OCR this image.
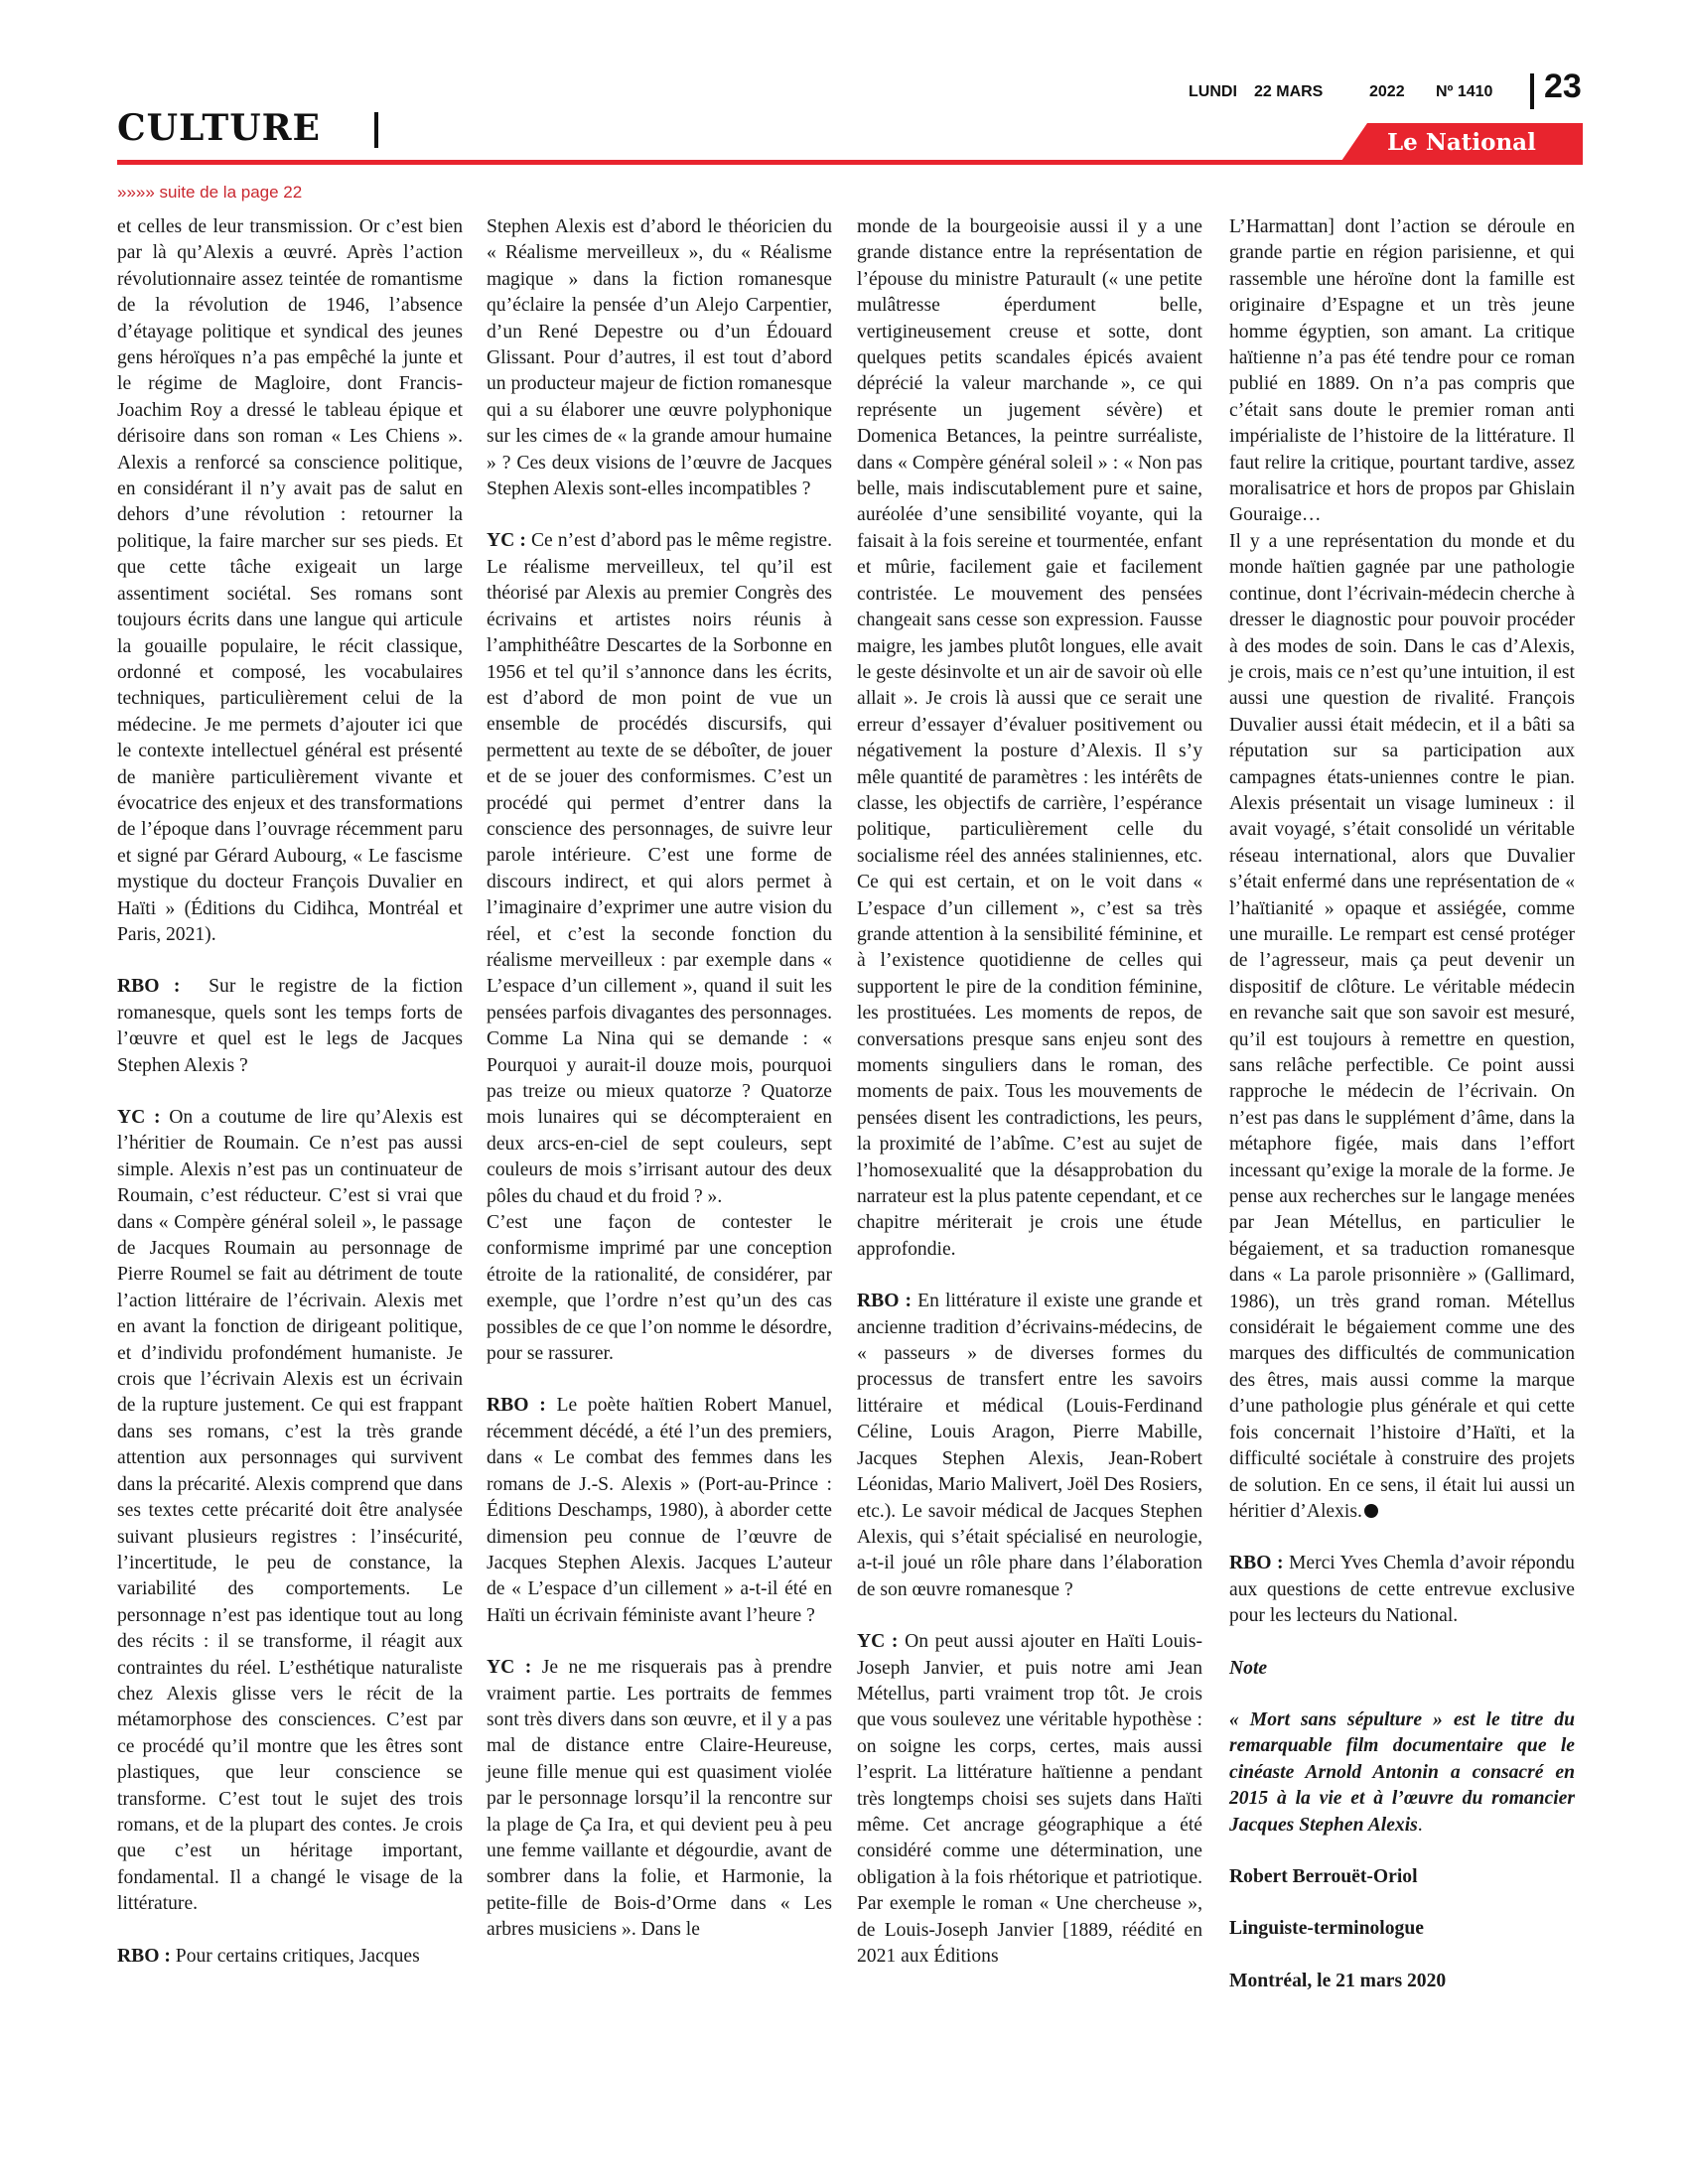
CULTURE
LUNDI 22 MARS	2022 Nº 1410 23
Le National
»»»» suite de la page 22

et celles de leur transmission. Or c’est bien par là qu’Alexis a œuvré. Après l’action révolutionnaire assez teintée de romantisme de la révolution de 1946, l’absence d’étayage politique et syndical des jeunes gens héroïques n’a pas empêché la junte et le régime de Magloire, dont Francis-Joachim Roy a dressé le tableau épique et dérisoire dans son roman « Les Chiens ». Alexis a renforcé sa conscience politique, en considérant il n’y avait pas de salut en dehors d’une révolution : retourner la politique, la faire marcher sur ses pieds. Et que cette tâche exigeait un large assentiment sociétal. Ses romans sont toujours écrits dans une langue qui articule la gouaille populaire, le récit classique, ordonné et composé, les vocabulaires techniques, particulièrement celui de la médecine. Je me permets d’ajouter ici que le contexte intellectuel général est présenté de manière particulièrement vivante et évocatrice des enjeux et des transformations de l’époque dans l’ouvrage récemment paru et signé par Gérard Aubourg, « Le fascisme mystique du docteur François Duvalier en Haïti » (Éditions du Cidihca, Montréal et Paris, 2021).

RBO : Sur le registre de la fiction romanesque, quels sont les temps forts de l’œuvre et quel est le legs de Jacques Stephen Alexis ?

YC : On a coutume de lire qu’Alexis est l’héritier de Roumain. Ce n’est pas aussi simple. Alexis n’est pas un continuateur de Roumain, c’est réducteur. C’est si vrai que dans « Compère général soleil », le passage de Jacques Roumain au personnage de Pierre Roumel se fait au détriment de toute l’action littéraire de l’écrivain. Alexis met en avant la fonction de dirigeant politique, et d’individu profondément humaniste. Je crois que l’écrivain Alexis est un écrivain de la rupture justement. Ce qui est frappant dans ses romans, c’est la très grande attention aux personnages qui survivent dans la précarité. Alexis comprend que dans ses textes cette précarité doit être analysée suivant plusieurs registres : l’insécurité, l’incertitude, le peu de constance, la variabilité des comportements. Le personnage n’est pas identique tout au long des récits : il se transforme, il réagit aux contraintes du réel. L’esthétique naturaliste chez Alexis glisse vers le récit de la métamorphose des consciences. C’est par ce procédé qu’il montre que les êtres sont plastiques, que leur conscience se transforme. C’est tout le sujet des trois romans, et de la plupart des contes. Je crois que c’est un héritage important, fondamental. Il a changé le visage de la littérature.

RBO : Pour certains critiques, Jacques

Stephen Alexis est d’abord le théoricien du « Réalisme merveilleux », du « Réalisme magique » dans la fiction romanesque qu’éclaire la pensée d’un Alejo Carpentier, d’un René Depestre ou d’un Édouard Glissant. Pour d’autres, il est tout d’abord un producteur majeur de fiction romanesque qui a su élaborer une œuvre polyphonique sur les cimes de « la grande amour humaine » ? Ces deux visions de l’œuvre de Jacques Stephen Alexis sont-elles incompatibles ?

YC : Ce n’est d’abord pas le même registre. Le réalisme merveilleux, tel qu’il est théorisé par Alexis au premier Congrès des écrivains et artistes noirs réunis à l’amphithéâtre Descartes de la Sorbonne en 1956 et tel qu’il s’annonce dans les écrits, est d’abord de mon point de vue un ensemble de procédés discursifs, qui permettent au texte de se déboîter, de jouer et de se jouer des conformismes. C’est un procédé qui permet d’entrer dans la conscience des personnages, de suivre leur parole intérieure. C’est une forme de discours indirect, et qui alors permet à l’imaginaire d’exprimer une autre vision du réel, et c’est la seconde fonction du réalisme merveilleux : par exemple dans « L’espace d’un cillement », quand il suit les pensées parfois divagantes des personnages. Comme La Nina qui se demande : « Pourquoi y aurait-il douze mois, pourquoi pas treize ou mieux quatorze ? Quatorze mois lunaires qui se décompteraient en deux arcs-en-ciel de sept couleurs, sept couleurs de mois s’irrisant autour des deux pôles du chaud et du froid ? ».

C’est une façon de contester le conformisme imprimé par une conception étroite de la rationalité, de considérer, par exemple, que l’ordre n’est qu’un des cas possibles de ce que l’on nomme le désordre, pour se rassurer.

RBO : Le poète haïtien Robert Manuel, récemment décédé, a été l’un des premiers, dans « Le combat des femmes dans les romans de J.-S. Alexis » (Port-au-Prince : Éditions Deschamps, 1980), à aborder cette dimension peu connue de l’œuvre de Jacques Stephen Alexis. Jacques L’auteur de « L’espace d’un cillement » a-t-il été en Haïti un écrivain féministe avant l’heure ?

YC : Je ne me risquerais pas à prendre vraiment partie. Les portraits de femmes sont très divers dans son œuvre, et il y a pas mal de distance entre Claire-Heureuse, jeune fille menue qui est quasiment violée par le personnage lorsqu’il la rencontre sur la plage de Ça Ira, et qui devient peu à peu une femme vaillante et dégourdie, avant de sombrer dans la folie, et Harmonie, la petite-fille de Bois-d’Orme dans « Les arbres musiciens ». Dans le

monde de la bourgeoisie aussi il y a une grande distance entre la représentation de l’épouse du ministre Paturault (« une petite mulâtresse éperdument belle, vertigineusement creuse et sotte, dont quelques petits scandales épicés avaient déprécié la valeur marchande », ce qui représente un jugement sévère) et Domenica Betances, la peintre surréaliste, dans « Compère général soleil » : « Non pas belle, mais indiscutablement pure et saine, auréolée d’une sensibilité voyante, qui la faisait à la fois sereine et tourmentée, enfant et mûrie, facilement gaie et facilement contristée. Le mouvement des pensées changeait sans cesse son expression. Fausse maigre, les jambes plutôt longues, elle avait le geste désinvolte et un air de savoir où elle allait ». Je crois là aussi que ce serait une erreur d’essayer d’évaluer positivement ou négativement la posture d’Alexis. Il s’y mêle quantité de paramètres : les intérêts de classe, les objectifs de carrière, l’espérance politique, particulièrement celle du socialisme réel des années staliniennes, etc. Ce qui est certain, et on le voit dans « L’espace d’un cillement », c’est sa très grande attention à la sensibilité féminine, et à l’existence quotidienne de celles qui supportent le pire de la condition féminine, les prostituées. Les moments de repos, de conversations presque sans enjeu sont des moments singuliers dans le roman, des moments de paix. Tous les mouvements de pensées disent les contradictions, les peurs, la proximité de l’abîme. C’est au sujet de l’homosexualité que la désapprobation du narrateur est la plus patente cependant, et ce chapitre mériterait je crois une étude approfondie.

RBO : En littérature il existe une grande et ancienne tradition d’écrivains-médecins, de « passeurs » de diverses formes du processus de transfert entre les savoirs littéraire et médical (Louis-Ferdinand Céline, Louis Aragon, Pierre Mabille, Jacques Stephen Alexis, Jean-Robert Léonidas, Mario Malivert, Joël Des Rosiers, etc.). Le savoir médical de Jacques Stephen Alexis, qui s’était spécialisé en neurologie, a-t-il joué un rôle phare dans l’élaboration de son œuvre romanesque ?

YC : On peut aussi ajouter en Haïti Louis-Joseph Janvier, et puis notre ami Jean Métellus, parti vraiment trop tôt. Je crois que vous soulevez une véritable hypothèse : on soigne les corps, certes, mais aussi l’esprit. La littérature haïtienne a pendant très longtemps choisi ses sujets dans Haïti même. Cet ancrage géographique a été considéré comme une détermination, une obligation à la fois rhétorique et patriotique. Par exemple le roman « Une chercheuse », de Louis-Joseph Janvier [1889, réédité en 2021 aux Éditions

L’Harmattan] dont l’action se déroule en grande partie en région parisienne, et qui rassemble une héroïne dont la famille est originaire d’Espagne et un très jeune homme égyptien, son amant. La critique haïtienne n’a pas été tendre pour ce roman publié en 1889. On n’a pas compris que c’était sans doute le premier roman anti impérialiste de l’histoire de la littérature. Il faut relire la critique, pourtant tardive, assez moralisatrice et hors de propos par Ghislain Gouraige…

Il y a une représentation du monde et du monde haïtien gagnée par une pathologie continue, dont l’écrivain-médecin cherche à dresser le diagnostic pour pouvoir procéder à des modes de soin. Dans le cas d’Alexis, je crois, mais ce n’est qu’une intuition, il est aussi une question de rivalité. François Duvalier aussi était médecin, et il a bâti sa réputation sur sa participation aux campagnes états-uniennes contre le pian. Alexis présentait un visage lumineux : il avait voyagé, s’était consolidé un véritable réseau international, alors que Duvalier s’était enfermé dans une représentation de « l’haïtianité » opaque et assiégée, comme une muraille. Le rempart est censé protéger de l’agresseur, mais ça peut devenir un dispositif de clôture. Le véritable médecin en revanche sait que son savoir est mesuré, qu’il est toujours à remettre en question, sans relâche perfectible. Ce point aussi rapproche le médecin de l’écrivain. On n’est pas dans le supplément d’âme, dans la métaphore figée, mais dans l’effort incessant qu’exige la morale de la forme. Je pense aux recherches sur le langage menées par Jean Métellus, en particulier le bégaiement, et sa traduction romanesque dans « La parole prisonnière » (Gallimard, 1986), un très grand roman. Métellus considérait le bégaiement comme une des marques des difficultés de communication des êtres, mais aussi comme la marque d’une pathologie plus générale et qui cette fois concernait l’histoire d’Haïti, et la difficulté sociétale à construire des projets de solution. En ce sens, il était lui aussi un héritier d’Alexis.

RBO : Merci Yves Chemla d’avoir répondu aux questions de cette entrevue exclusive pour les lecteurs du National.

Note

« Mort sans sépulture » est le titre du remarquable film documentaire que le cinéaste Arnold Antonin a consacré en 2015 à la vie et à l’œuvre du romancier Jacques Stephen Alexis.

Robert Berrouët-Oriol

Linguiste-terminologue

Montréal, le 21 mars 2020
